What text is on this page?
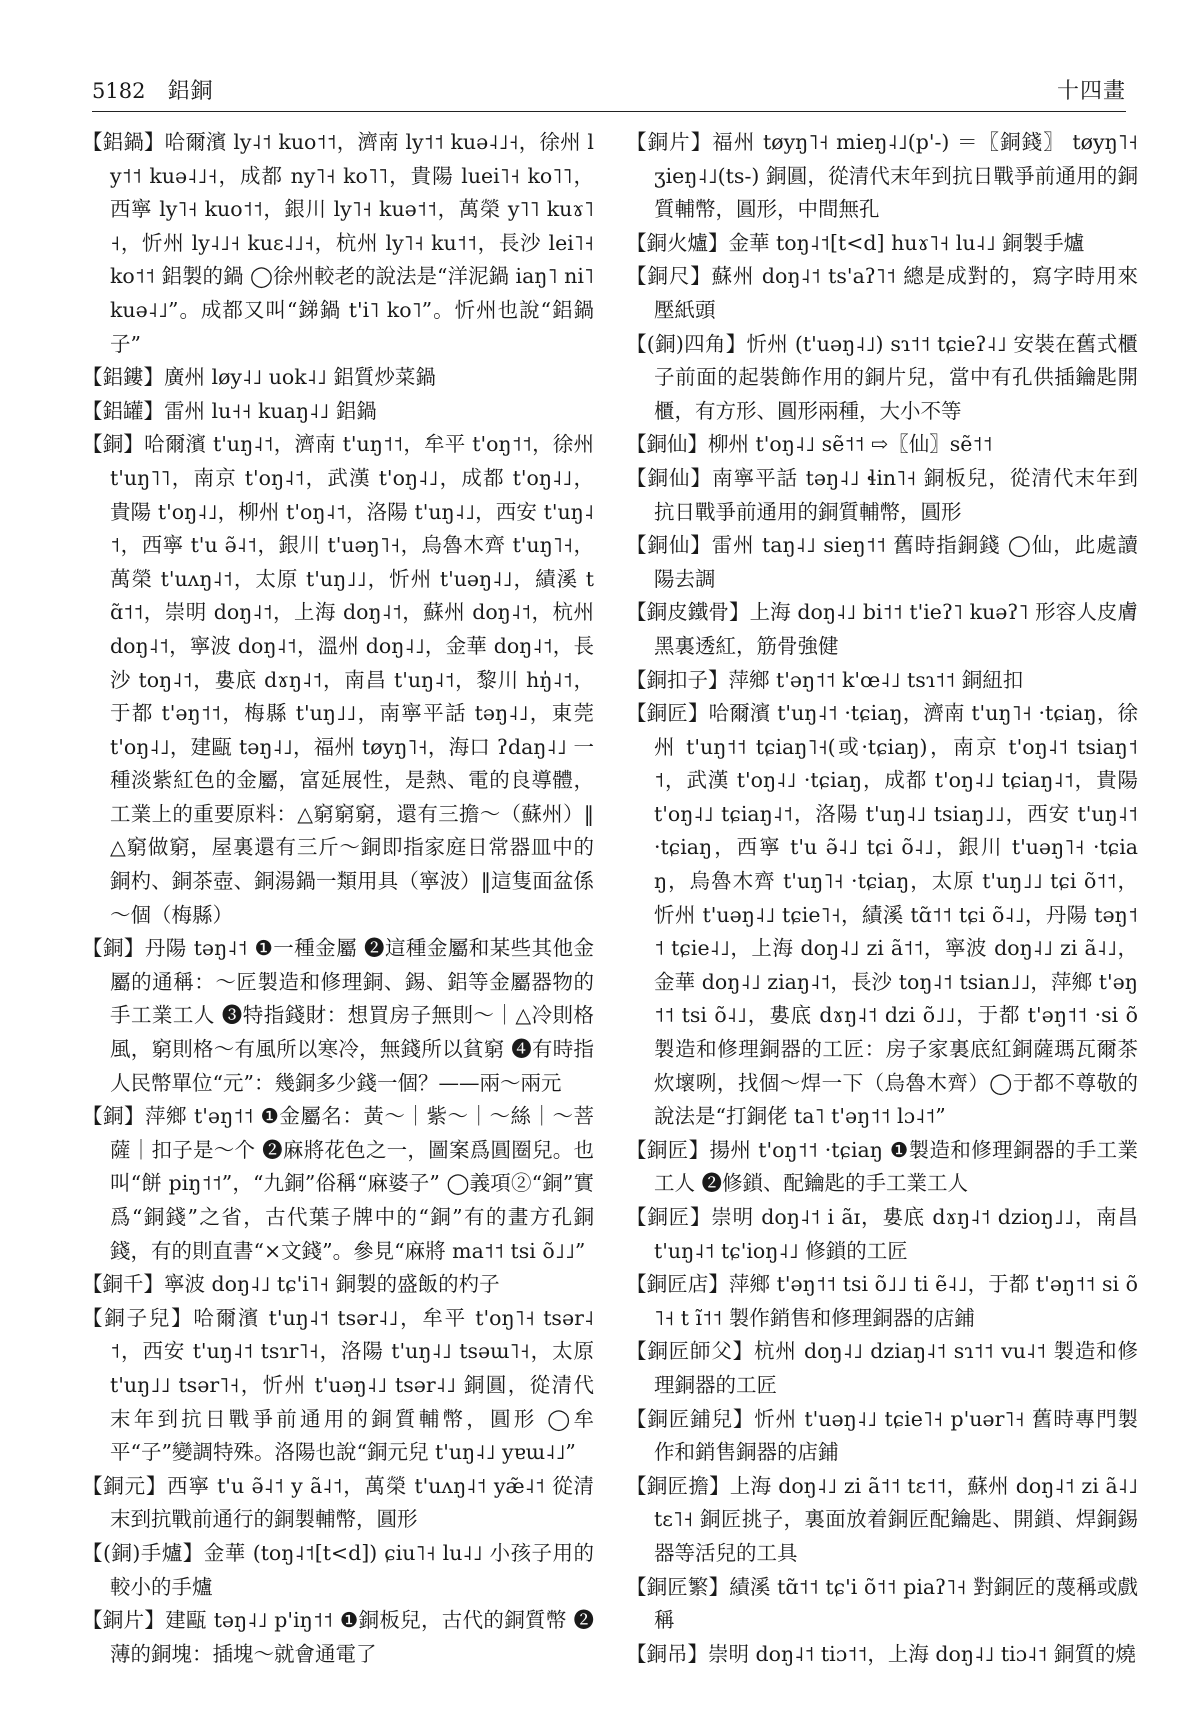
5182 鋁銅	十四畫

【鋁鍋】哈爾濱 ly˨˦ kuo˦˦，濟南 ly˦˦ kuə˨˩˧，徐州 ly˦˦ kuə˨˩˧，成都 ny˥˧ ko˥˥，貴陽 luei˥˧ ko˥˥，西寧 ly˥˧ kuo˦˦，銀川 ly˥˧ kuə˦˦，萬榮 y˥˥ kuɤ˥˧，忻州 ly˨˩˧ kuɛ˨˩˧，杭州 ly˥˧ ku˦˦，長沙 lei˥˧ ko˦˦ 鋁製的鍋 ◯徐州較老的說法是“洋泥鍋 iaŋ˥ ni˥ kuə˨˩”。成都又叫“銻鍋 t'i˥ ko˥”。忻州也說“鋁鍋子”

【鋁鏤】廣州 løy˨˩ uok˨˩ 鋁質炒菜鍋

【鋁罐】雷州 lu˧˧ kuaŋ˨˩ 鋁鍋

【銅】哈爾濱 t'uŋ˨˦，濟南 t'uŋ˦˦，牟平 t'oŋ˦˦，徐州 t'uŋ˥˥，南京 t'oŋ˨˦，武漢 t'oŋ˨˩，成都 t'oŋ˨˩，貴陽 t'oŋ˨˩，柳州 t'oŋ˨˦，洛陽 t'uŋ˨˩，西安 t'uŋ˨˦，西寧 t'u ə̃˨˦，銀川 t'uəŋ˥˧，烏魯木齊 t'uŋ˥˧，萬榮 t'uʌŋ˨˦，太原 t'uŋ˩˩，忻州 t'uəŋ˨˩，績溪 tɑ̃˦˦，崇明 doŋ˨˦，上海 doŋ˨˦，蘇州 doŋ˨˦，杭州 doŋ˨˦，寧波 doŋ˨˦，溫州 doŋ˨˩，金華 doŋ˨˦，長沙 toŋ˨˦，婁底 dɤŋ˨˦，南昌 t'uŋ˨˦，黎川 hŋ̍˨˦，于都 t'əŋ˦˦，梅縣 t'uŋ˩˩，南寧平話 təŋ˨˩，東莞 t'oŋ˨˩，建甌 təŋ˨˩，福州 tøyŋ˥˧，海口 ʔdaŋ˨˩ 一種淡紫紅色的金屬，富延展性，是熱、電的良導體，工業上的重要原料：△窮窮窮，還有三擔～（蘇州）‖△窮做窮，屋裏還有三斤～銅即指家庭日常器皿中的銅杓、銅茶壺、銅湯鍋一類用具（寧波）‖這隻面盆係～個（梅縣）

【銅】丹陽 təŋ˨˦ ❶一種金屬 ❷這種金屬和某些其他金屬的通稱：～匠製造和修理銅、錫、鋁等金屬器物的手工業工人 ❸特指錢財：想買房子無則～｜△冷則格風，窮則格～有風所以寒冷，無錢所以貧窮 ❹有時指人民幣單位“元”：幾銅多少錢一個？——兩～兩元

【銅】萍鄉 t'əŋ˦˦ ❶金屬名：黃～｜紫～｜～絲｜～菩薩｜扣子是～个 ❷麻將花色之一，圖案爲圓圈兒。也叫“餅 piŋ˦˦”，“九銅”俗稱“麻婆子” ◯義項②“銅”實爲“銅錢”之省，古代葉子牌中的“銅”有的畫方孔銅錢，有的則直書“×文錢”。參見“麻將 ma˦˦ tsi õ˩˩”

【銅千】寧波 doŋ˨˩ tɕ'i˥˧ 銅製的盛飯的杓子

【銅子兒】哈爾濱 t'uŋ˨˦ tsər˨˩，牟平 t'oŋ˥˧ tsər˨˦，西安 t'uŋ˨˦ tsɿr˥˧，洛陽 t'uŋ˨˩ tsəɯ˥˧，太原 t'uŋ˩˩ tsər˥˧，忻州 t'uəŋ˨˩ tsər˨˩ 銅圓，從清代末年到抗日戰爭前通用的銅質輔幣，圓形 ◯牟平“子”變調特殊。洛陽也說“銅元兒 t'uŋ˨˩ yɐɯ˨˩”

【銅元】西寧 t'u ə̃˨˦ y ã˨˦，萬榮 t'uʌŋ˨˦ yæ̃˨˦ 從清末到抗戰前通行的銅製輔幣，圓形

【(銅)手爐】金華 (toŋ˨˦[t<d]) ɕiu˥˧ lu˨˩ 小孩子用的較小的手爐

【銅片】建甌 təŋ˨˩ p'iŋ˦˦ ❶銅板兒，古代的銅質幣 ❷薄的銅塊：插塊～就會通電了

【銅片】福州 tøyŋ˥˧ mieŋ˨˩(p'-) ＝〖銅錢〗 tøyŋ˥˧ ʒieŋ˨˩(ts-) 銅圓，從清代末年到抗日戰爭前通用的銅質輔幣，圓形，中間無孔

【銅火爐】金華 toŋ˨˦[t<d] huɤ˥˧ lu˨˩ 銅製手爐

【銅尺】蘇州 doŋ˨˦ ts'aʔ˥˦ 總是成對的，寫字時用來壓紙頭

【(銅)四角】忻州 (t'uəŋ˨˩) sɿ˦˦ tɕieʔ˨˩ 安裝在舊式櫃子前面的起裝飾作用的銅片兒，當中有孔供插鑰匙開櫃，有方形、圓形兩種，大小不等

【銅仙】柳州 t'oŋ˨˩ sẽ˦˦ ⇨〖仙〗sẽ˦˦

【銅仙】南寧平話 təŋ˨˩ ɬin˥˧ 銅板兒，從清代末年到抗日戰爭前通用的銅質輔幣，圓形

【銅仙】雷州 taŋ˨˩ sieŋ˦˦ 舊時指銅錢 ◯仙，此處讀陽去調

【銅皮鐵骨】上海 doŋ˨˩ bi˦˦ t'ieʔ˥ kuəʔ˥ 形容人皮膚黑裏透紅，筋骨強健

【銅扣子】萍鄉 t'əŋ˦˦ k'œ˨˩ tsɿ˦˦ 銅紐扣

【銅匠】哈爾濱 t'uŋ˨˦ ·tɕiaŋ，濟南 t'uŋ˥˧ ·tɕiaŋ，徐州 t'uŋ˦˦ tɕiaŋ˥˧(或·tɕiaŋ)，南京 t'oŋ˨˦ tsiaŋ˦˦，武漢 t'oŋ˨˩ ·tɕiaŋ，成都 t'oŋ˨˩ tɕiaŋ˨˦，貴陽 t'oŋ˨˩ tɕiaŋ˨˦，洛陽 t'uŋ˨˩ tsiaŋ˩˩，西安 t'uŋ˨˦ ·tɕiaŋ，西寧 t'u ə̃˨˩ tɕi õ˨˩，銀川 t'uəŋ˥˧ ·tɕiaŋ，烏魯木齊 t'uŋ˥˧ ·tɕiaŋ，太原 t'uŋ˩˩ tɕi õ˦˦，忻州 t'uəŋ˨˩ tɕie˥˧，績溪 tɑ̃˦˦ tɕi õ˨˩，丹陽 təŋ˦˦ tɕie˨˩，上海 doŋ˨˩ zi ã˦˦，寧波 doŋ˨˩ zi ã˨˩，金華 doŋ˨˩ ziaŋ˨˦，長沙 toŋ˨˦ tsian˩˩，萍鄉 t'əŋ˦˦ tsi õ˨˩，婁底 dɤŋ˨˦ dzi õ˩˩，于都 t'əŋ˦˦ ·si õ 製造和修理銅器的工匠：房子家裏底紅銅薩瑪瓦爾茶炊壞咧，找個～焊一下（烏魯木齊）◯于都不尊敬的說法是“打銅佬 ta˥ t'əŋ˦˦ lɔ˨˦”

【銅匠】揚州 t'oŋ˦˦ ·tɕiaŋ ❶製造和修理銅器的手工業工人 ❷修鎖、配鑰匙的手工業工人

【銅匠】崇明 doŋ˨˦ i ãɪ，婁底 dɤŋ˨˦ dzioŋ˩˩，南昌 t'uŋ˨˦ tɕ'ioŋ˨˩ 修鎖的工匠

【銅匠店】萍鄉 t'əŋ˦˦ tsi õ˩˩ ti ẽ˨˩，于都 t'əŋ˦˦ si õ˥˧ t ĩ˦˦ 製作銷售和修理銅器的店鋪

【銅匠師父】杭州 doŋ˨˩ dziaŋ˨˦ sɿ˦˦ vu˨˦ 製造和修理銅器的工匠

【銅匠鋪兒】忻州 t'uəŋ˨˩ tɕie˥˧ p'uər˥˧ 舊時專門製作和銷售銅器的店鋪

【銅匠擔】上海 doŋ˨˩ zi ã˦˦ tɛ˦˦，蘇州 doŋ˨˦ zi ã˨˩ tɛ˥˧ 銅匠挑子，裏面放着銅匠配鑰匙、開鎖、焊銅錫器等活兒的工具

【銅匠繁】績溪 tɑ̃˦˦ tɕ'i õ˦˦ piaʔ˥˧ 對銅匠的蔑稱或戲稱

【銅吊】崇明 doŋ˨˦ tiɔ˦˦，上海 doŋ˨˩ tiɔ˨˦ 銅質的燒
